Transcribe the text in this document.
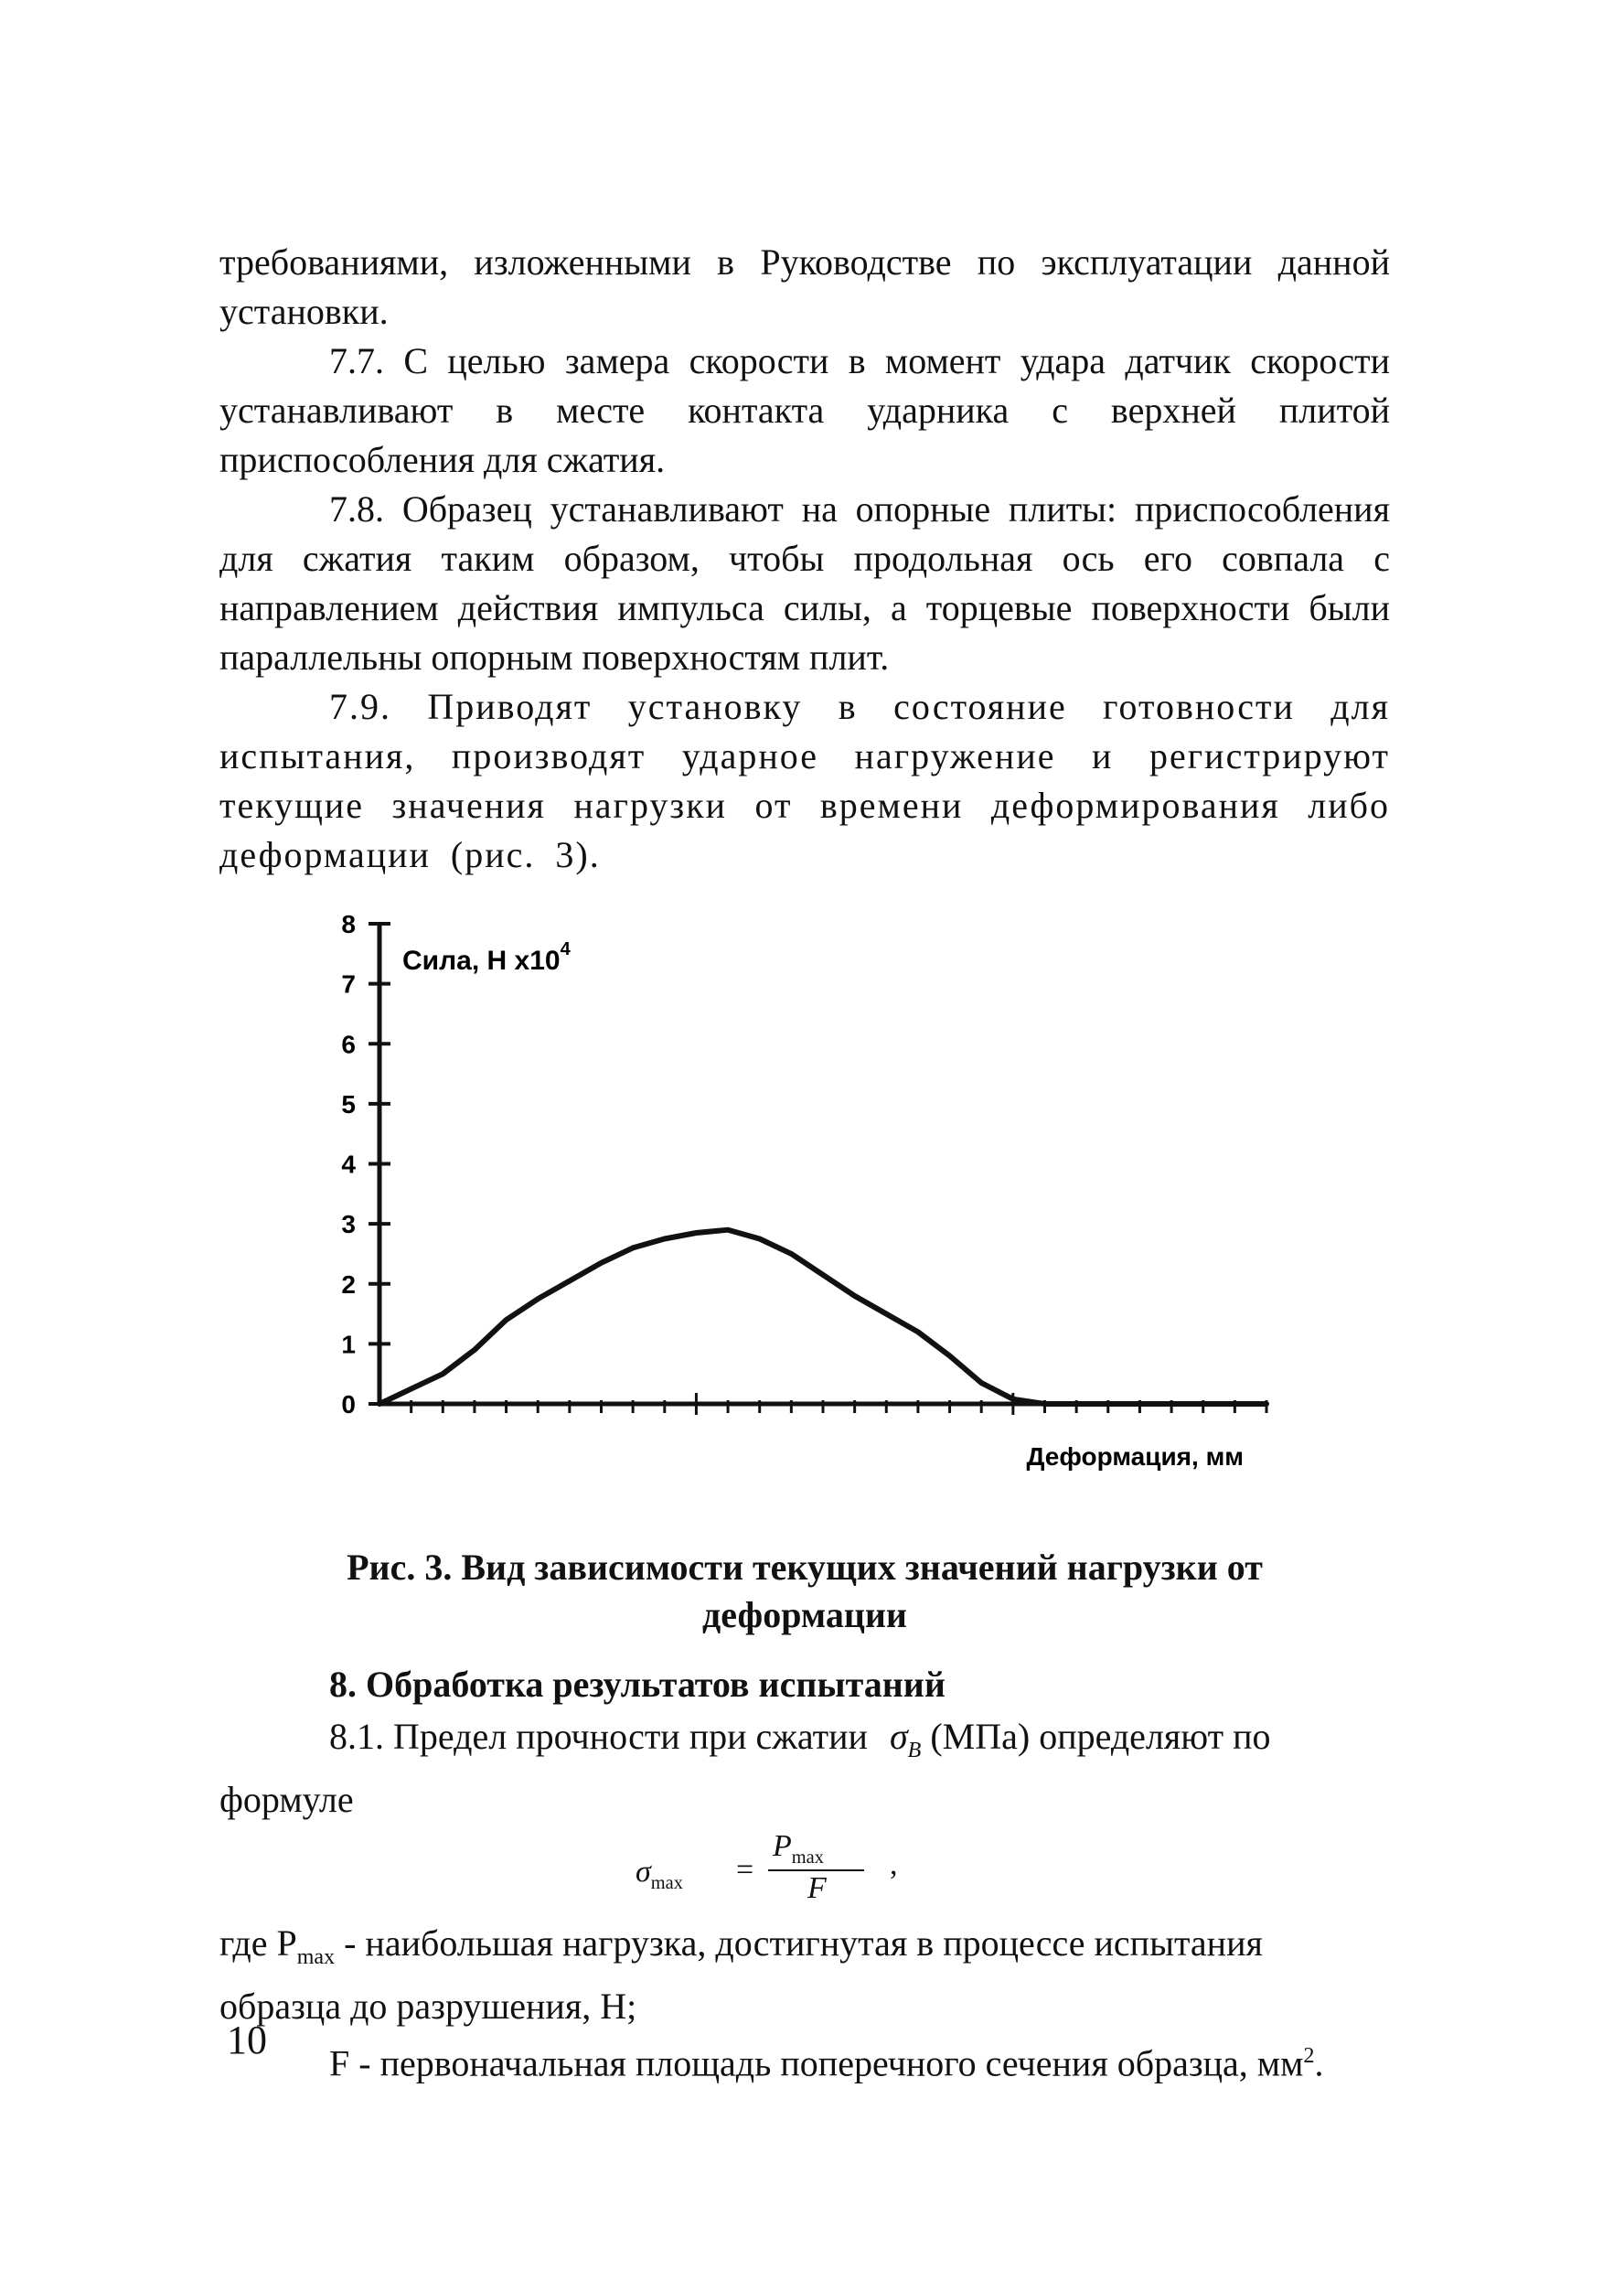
требованиями, изложенными в Руководстве по эксплуатации данной установки.

7.7. С целью замера скорости в момент удара датчик скорости устанавливают в месте контакта ударника с верхней плитой приспособления для сжатия.

7.8. Образец устанавливают на опорные плиты: приспособления для сжатия таким образом, чтобы продольная ось его совпала с направлением действия импульса силы, а торцевые поверхности были параллельны опорным поверхностям плит.

7.9. Приводят установку в состояние готовности для испытания, производят ударное нагружение и регистрируют текущие значения нагрузки от времени деформирования либо деформации (рис. 3).

0
1
2
3
4
5
6
7
8
Сила, Н $х10^4$
Деформация, мм
Рис. 3. Вид зависимости текущих значений нагрузки от
деформации
8. Обработка результатов испытаний

8.1. Предел прочности при сжатии $\sigma_B$ (МПа) определяют по

формуле

$\sigma_{max}$ =
$P_{max}$
F
,

где $P_{max}$ - наибольшая нагрузка, достигнутая в процессе испытания

образца до разрушения, Н;

F - первоначальная площадь поперечного сечения образца, $мм^2$.

10
